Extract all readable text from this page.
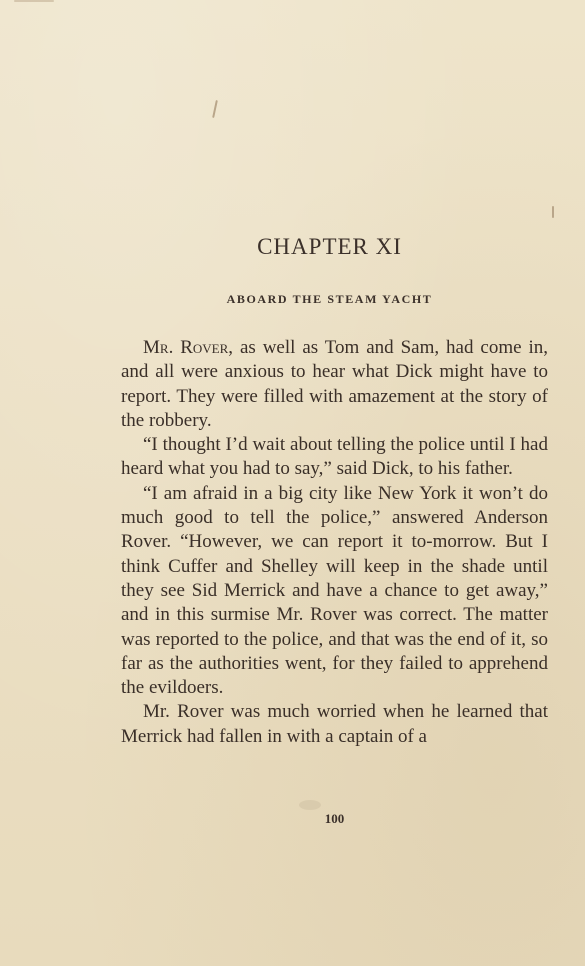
CHAPTER XI
ABOARD THE STEAM YACHT

Mr. Rover, as well as Tom and Sam, had come in, and all were anxious to hear what Dick might have to report. They were filled with amazement at the story of the robbery.

“I thought I’d wait about telling the police until I had heard what you had to say,” said Dick, to his father.

“I am afraid in a big city like New York it won’t do much good to tell the police,” answered Anderson Rover. “However, we can report it to-morrow. But I think Cuffer and Shelley will keep in the shade until they see Sid Merrick and have a chance to get away,” and in this surmise Mr. Rover was correct. The matter was reported to the police, and that was the end of it, so far as the authorities went, for they failed to apprehend the evildoers.

Mr. Rover was much worried when he learned that Merrick had fallen in with a captain of a

100
